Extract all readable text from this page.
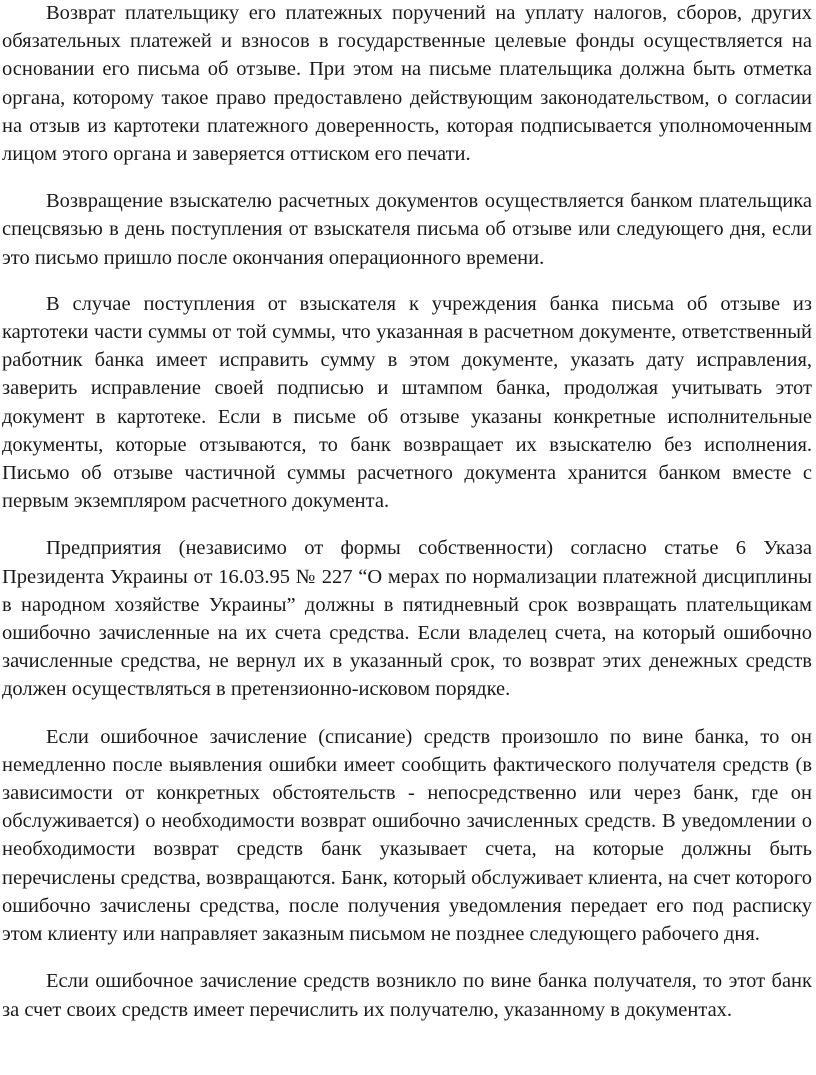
Возврат плательщику его платежных поручений на уплату налогов, сборов, других обязательных платежей и взносов в государственные целевые фонды осуществляется на основании его письма об отзыве. При этом на письме плательщика должна быть отметка органа, которому такое право предоставлено действующим законодательством, о согласии на отзыв из картотеки платежного доверенность, которая подписывается уполномоченным лицом этого органа и заверяется оттиском его печати.

Возвращение взыскателю расчетных документов осуществляется банком плательщика спецсвязью в день поступления от взыскателя письма об отзыве или следующего дня, если это письмо пришло после окончания операционного времени.

В случае поступления от взыскателя к учреждения банка письма об отзыве из картотеки части суммы от той суммы, что указанная в расчетном документе, ответственный работник банка имеет исправить сумму в этом документе, указать дату исправления, заверить исправление своей подписью и штампом банка, продолжая учитывать этот документ в картотеке. Если в письме об отзыве указаны конкретные исполнительные документы, которые отзываются, то банк возвращает их взыскателю без исполнения. Письмо об отзыве частичной суммы расчетного документа хранится банком вместе с первым экземпляром расчетного документа.

Предприятия (независимо от формы собственности) согласно статье 6 Указа Президента Украины от 16.03.95 № 227 “О мерах по нормализации платежной дисциплины в народном хозяйстве Украины” должны в пятидневный срок возвращать плательщикам ошибочно зачисленные на их счета средства. Если владелец счета, на который ошибочно зачисленные средства, не вернул их в указанный срок, то возврат этих денежных средств должен осуществляться в претензионно-исковом порядке.

Если ошибочное зачисление (списание) средств произошло по вине банка, то он немедленно после выявления ошибки имеет сообщить фактического получателя средств (в зависимости от конкретных обстоятельств - непосредственно или через банк, где он обслуживается) о необходимости возврат ошибочно зачисленных средств. В уведомлении о необходимости возврат средств банк указывает счета, на которые должны быть перечислены средства, возвращаются. Банк, который обслуживает клиента, на счет которого ошибочно зачислены средства, после получения уведомления передает его под расписку этом клиенту или направляет заказным письмом не позднее следующего рабочего дня.

Если ошибочное зачисление средств возникло по вине банка получателя, то этот банк за счет своих средств имеет перечислить их получателю, указанному в документах.
